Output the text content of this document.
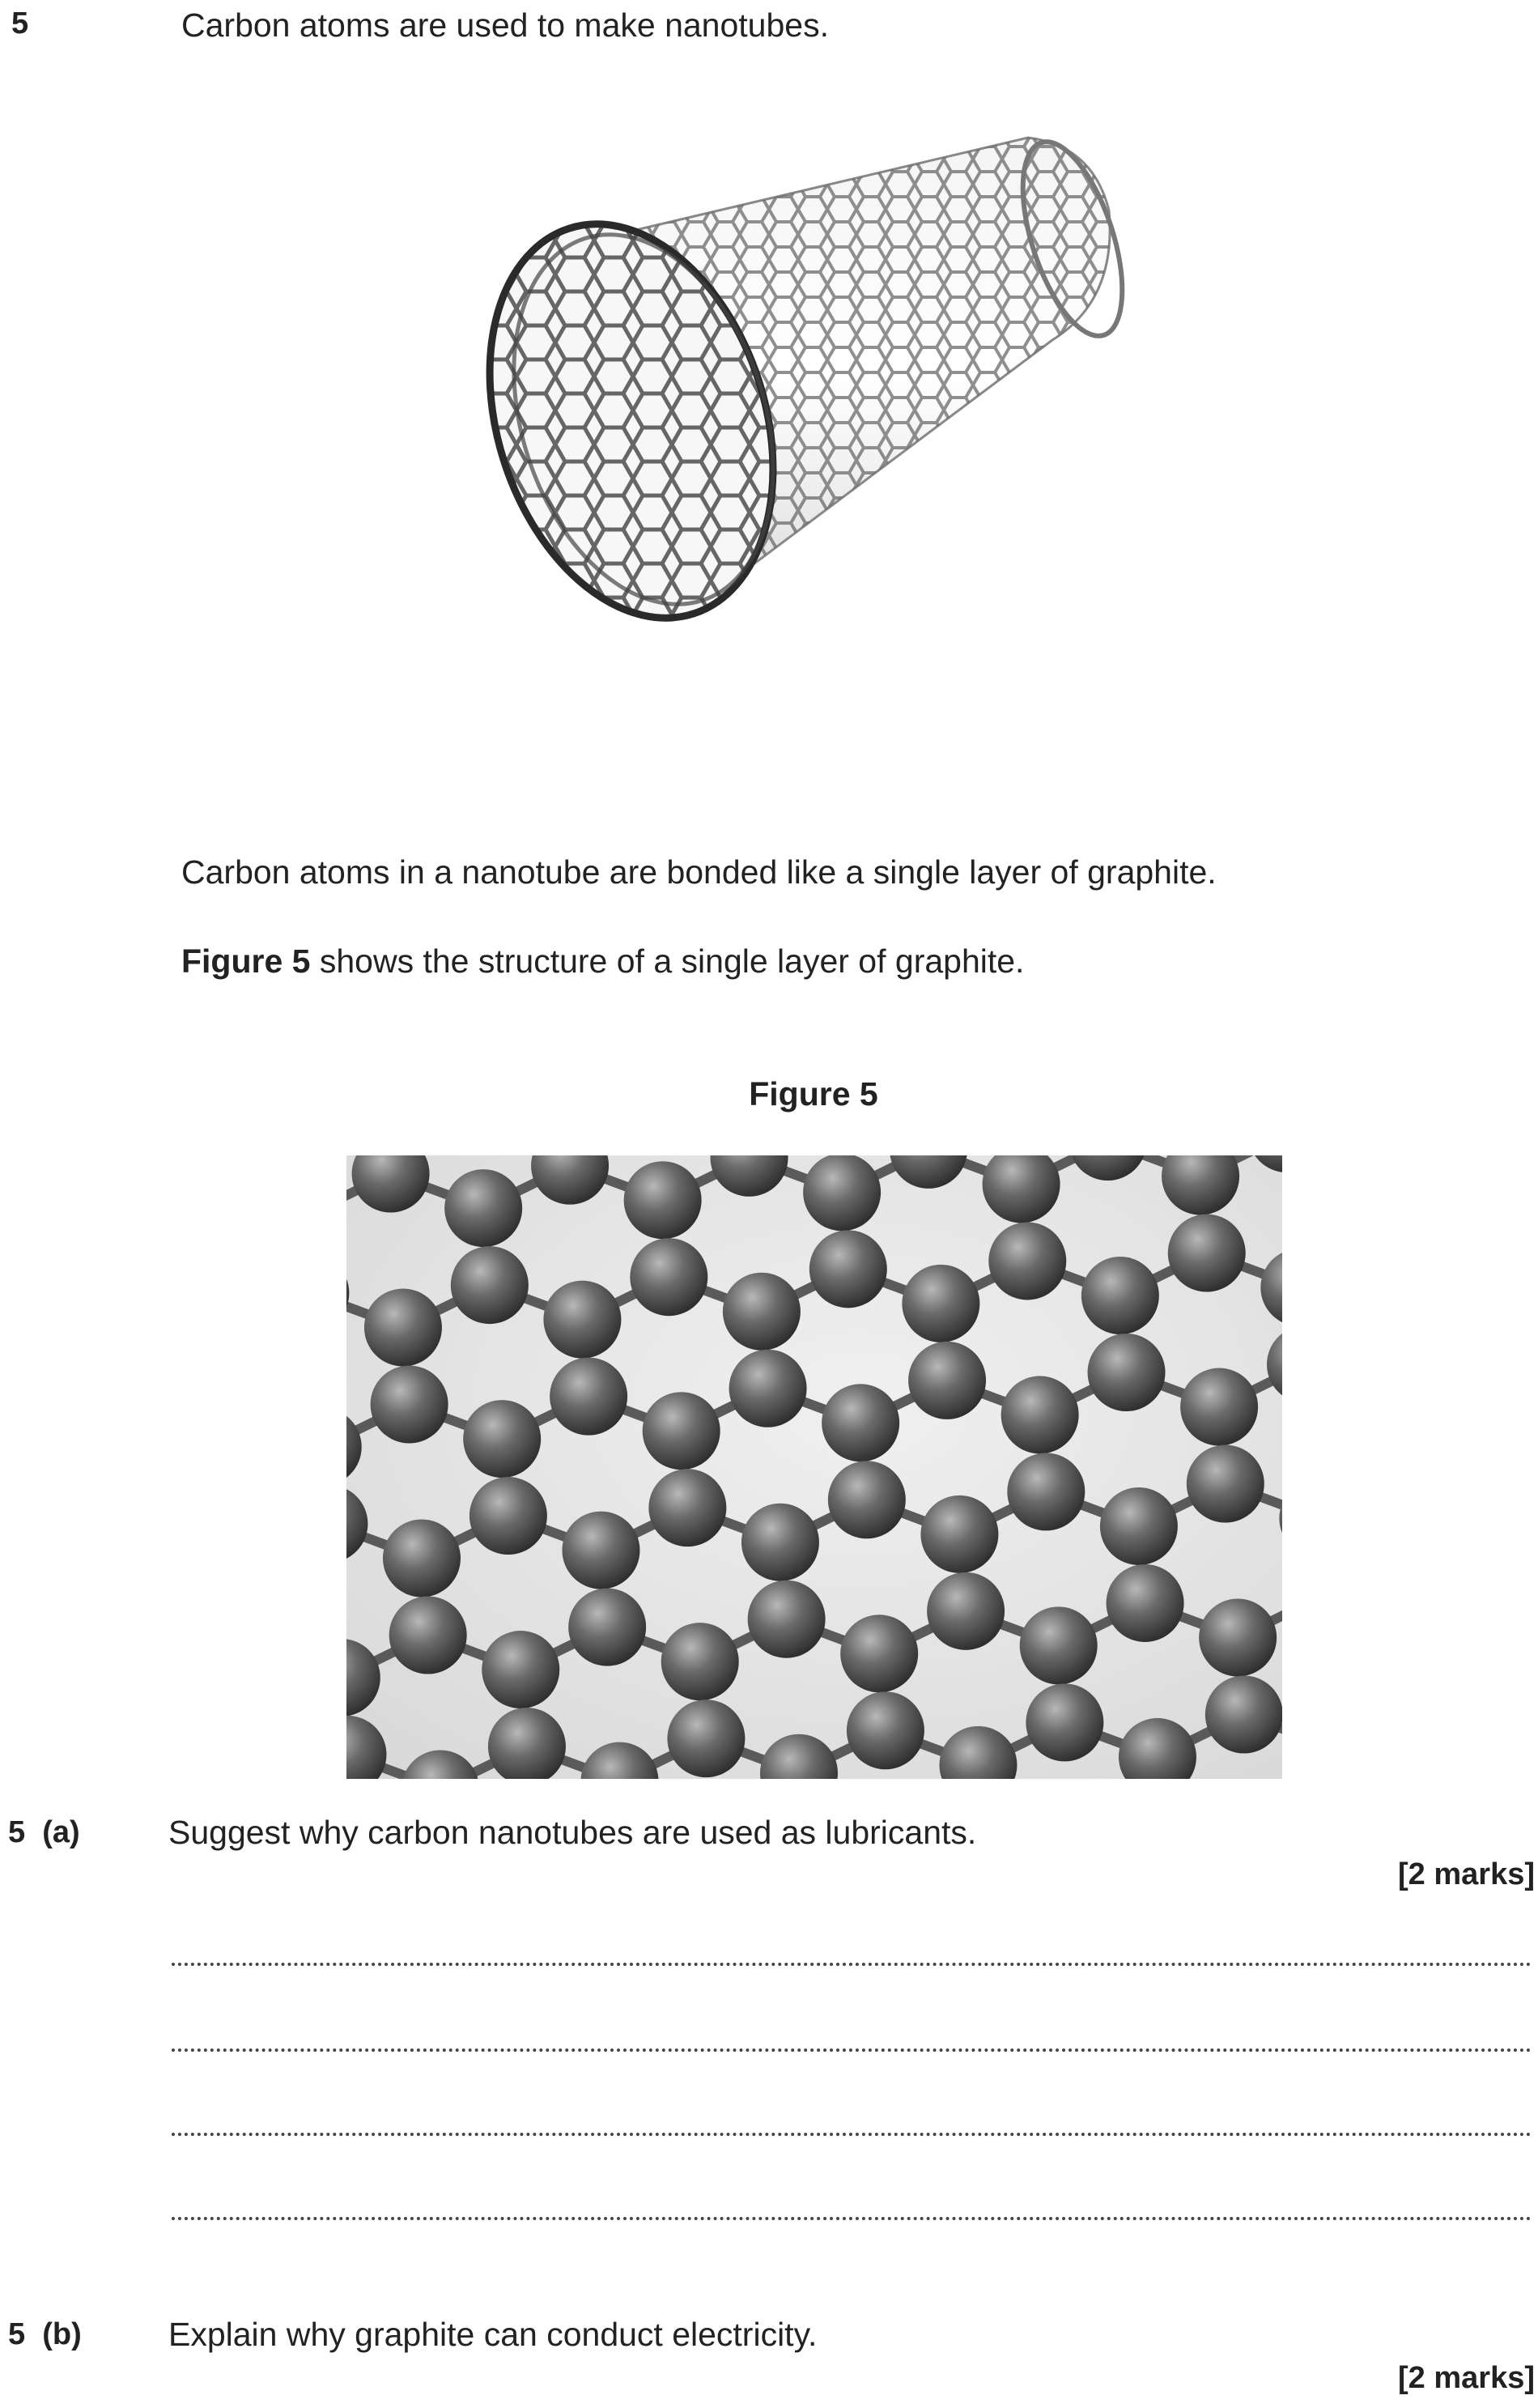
5	Carbon atoms are used to make nanotubes.
Carbon atoms in a nanotube are bonded like a single layer of graphite.
Figure 5 shows the structure of a single layer of graphite.
Figure 5
5  (a)	Suggest why carbon nanotubes are used as lubricants.
[2 marks]
5  (b)	Explain why graphite can conduct electricity.
[2 marks]
